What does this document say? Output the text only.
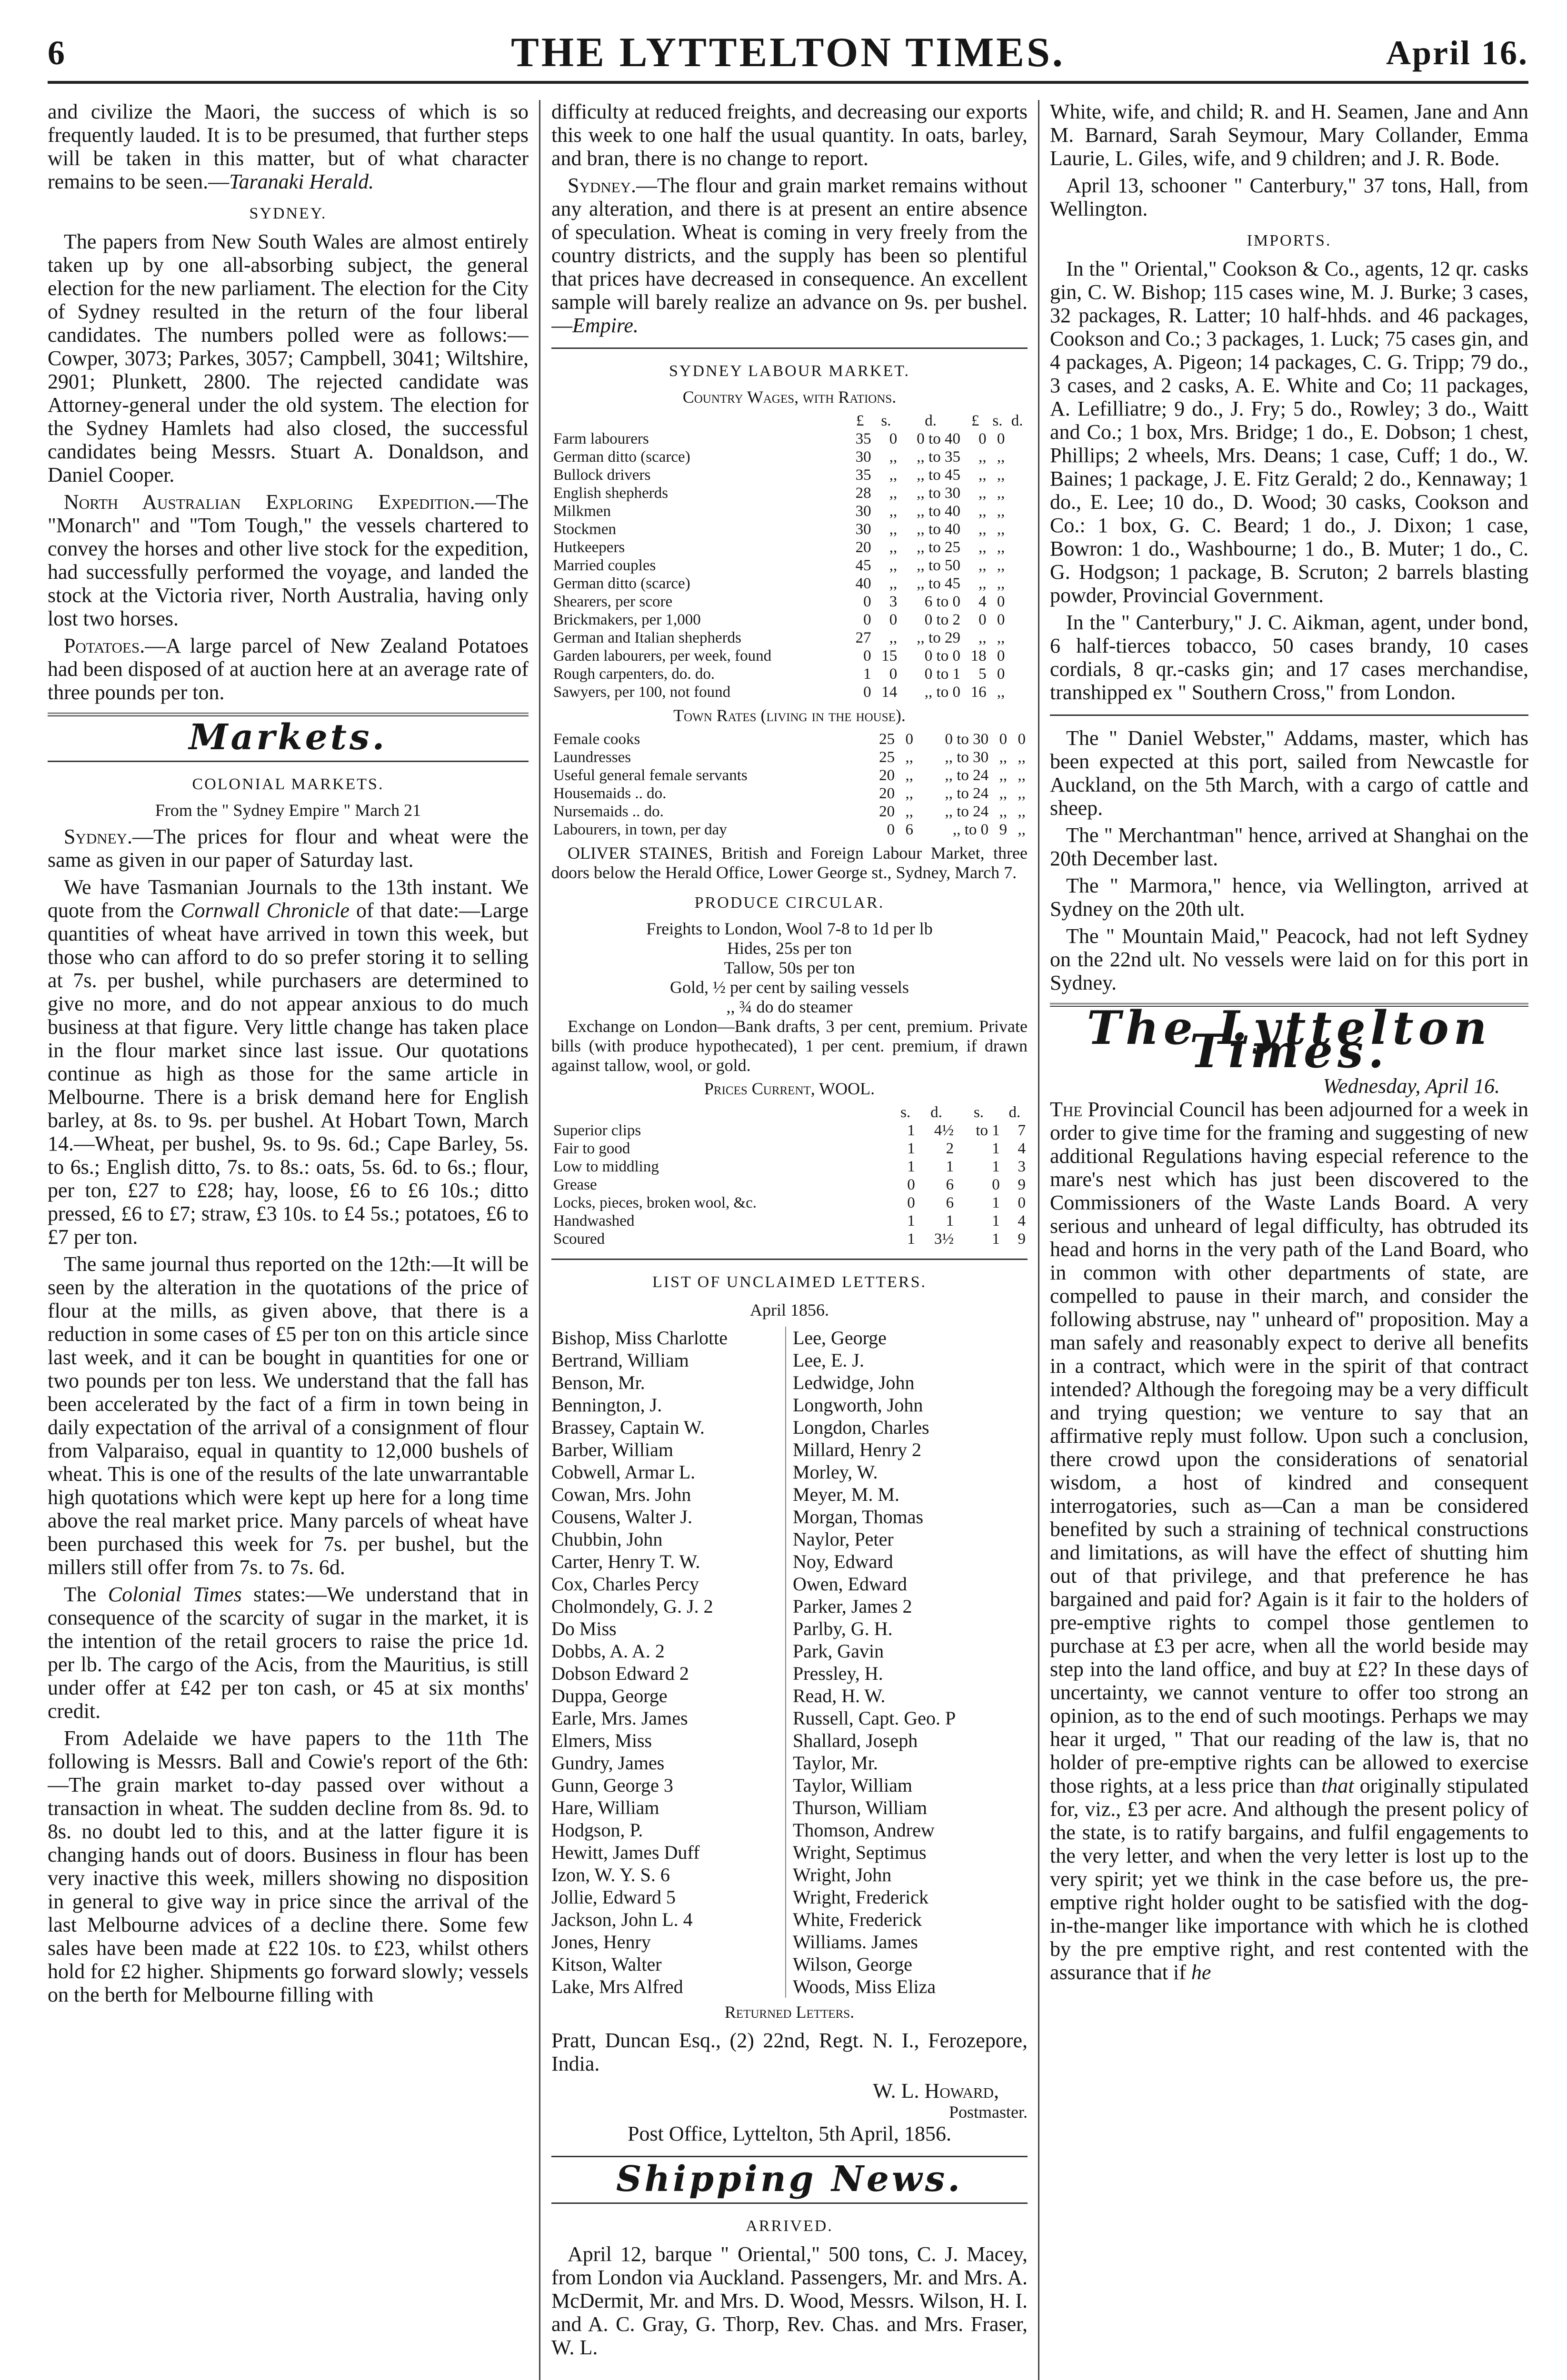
6	THE LYTTELTON TIMES.	April 16.

and civilize the Maori, the success of which is so frequently lauded. It is to be presumed, that further steps will be taken in this matter, but of what character remains to be seen.—Taranaki Herald.

SYDNEY.

The papers from New South Wales are almost entirely taken up by one all-absorbing subject, the general election for the new parliament. The election for the City of Sydney resulted in the return of the four liberal candidates. The numbers polled were as follows:—Cowper, 3073; Parkes, 3057; Campbell, 3041; Wiltshire, 2901; Plunkett, 2800. The rejected candidate was Attorney-general under the old system. The election for the Sydney Hamlets had also closed, the successful candidates being Messrs. Stuart A. Donaldson, and Daniel Cooper.

North Australian Exploring Expedition.—The "Monarch" and "Tom Tough," the vessels chartered to convey the horses and other live stock for the expedition, had successfully performed the voyage, and landed the stock at the Victoria river, North Australia, having only lost two horses.

Potatoes.—A large parcel of New Zealand Potatoes had been disposed of at auction here at an average rate of three pounds per ton.

Markets.
COLONIAL MARKETS.
From the " Sydney Empire " March 21

Sydney.—The prices for flour and wheat were the same as given in our paper of Saturday last.

We have Tasmanian Journals to the 13th instant. We quote from the Cornwall Chronicle of that date:—Large quantities of wheat have arrived in town this week, but those who can afford to do so prefer storing it to selling at 7s. per bushel, while purchasers are determined to give no more, and do not appear anxious to do much business at that figure. Very little change has taken place in the flour market since last issue. Our quotations continue as high as those for the same article in Melbourne. There is a brisk demand here for English barley, at 8s. to 9s. per bushel. At Hobart Town, March 14.—Wheat, per bushel, 9s. to 9s. 6d.; Cape Barley, 5s. to 6s.; English ditto, 7s. to 8s.: oats, 5s. 6d. to 6s.; flour, per ton, £27 to £28; hay, loose, £6 to £6 10s.; ditto pressed, £6 to £7; straw, £3 10s. to £4 5s.; potatoes, £6 to £7 per ton.

The same journal thus reported on the 12th:—It will be seen by the alteration in the quotations of the price of flour at the mills, as given above, that there is a reduction in some cases of £5 per ton on this article since last week, and it can be bought in quantities for one or two pounds per ton less. We understand that the fall has been accelerated by the fact of a firm in town being in daily expectation of the arrival of a consignment of flour from Valparaiso, equal in quantity to 12,000 bushels of wheat. This is one of the results of the late unwarrantable high quotations which were kept up here for a long time above the real market price. Many parcels of wheat have been purchased this week for 7s. per bushel, but the millers still offer from 7s. to 7s. 6d.

The Colonial Times states:—We understand that in consequence of the scarcity of sugar in the market, it is the intention of the retail grocers to raise the price 1d. per lb. The cargo of the Acis, from the Mauritius, is still under offer at £42 per ton cash, or 45 at six months' credit.

From Adelaide we have papers to the 11th The following is Messrs. Ball and Cowie's report of the 6th:—The grain market to-day passed over without a transaction in wheat. The sudden decline from 8s. 9d. to 8s. no doubt led to this, and at the latter figure it is changing hands out of doors. Business in flour has been very inactive this week, millers showing no disposition in general to give way in price since the arrival of the last Melbourne advices of a decline there. Some few sales have been made at £22 10s. to £23, whilst others hold for £2 higher. Shipments go forward slowly; vessels on the berth for Melbourne filling with

difficulty at reduced freights, and decreasing our exports this week to one half the usual quantity. In oats, barley, and bran, there is no change to report.

Sydney.—The flour and grain market remains without any alteration, and there is at present an entire absence of speculation. Wheat is coming in very freely from the country districts, and the supply has been so plentiful that prices have decreased in consequence. An excellent sample will barely realize an advance on 9s. per bushel.—Empire.

SYDNEY LABOUR MARKET.
Country Wages, with Rations.
	£	s.	d.	£	s.	d.
Farm labourers	35	0	0 to 40	0	0	
German ditto (scarce)	30	,,	,, to 35	,,	,,	
Bullock drivers	35	,,	,, to 45	,,	,,	
English shepherds	28	,,	,, to 30	,,	,,	
Milkmen	30	,,	,, to 40	,,	,,	
Stockmen	30	,,	,, to 40	,,	,,	
Hutkeepers	20	,,	,, to 25	,,	,,	
Married couples	45	,,	,, to 50	,,	,,	
German ditto (scarce)	40	,,	,, to 45	,,	,,	
Shearers, per score	0	3	6 to 0	4	0	
Brickmakers, per 1,000	0	0	0 to 2	0	0	
German and Italian shepherds	27	,,	,, to 29	,,	,,	
Garden labourers, per week, found	0	15	0 to 0	18	0	
Rough carpenters, do. do.	1	0	0 to 1	5	0	
Sawyers, per 100, not found	0	14	,, to 0	16	,,	
Town Rates (living in the house).
Female cooks	25	0	0 to 30	0	0
Laundresses	25	,,	,, to 30	,,	,,
Useful general female servants	20	,,	,, to 24	,,	,,
Housemaids .. do.	20	,,	,, to 24	,,	,,
Nursemaids .. do.	20	,,	,, to 24	,,	,,
Labourers, in town, per day	0	6	,, to 0	9	,,

OLIVER STAINES, British and Foreign Labour Market, three doors below the Herald Office, Lower George st., Sydney, March 7.

PRODUCE CIRCULAR.
Freights to London, Wool 7-8 to 1d per lb
Hides, 25s per ton
Tallow, 50s per ton
Gold, ½ per cent by sailing vessels
,, ¾ do do steamer

Exchange on London—Bank drafts, 3 per cent, premium. Private bills (with produce hypothecated), 1 per cent. premium, if drawn against tallow, wool, or gold.

Prices Current, WOOL.
	s.	d.	s.	d.
Superior clips	1	4½	to 1	7
Fair to good	1	2	1	4
Low to middling	1	1	1	3
Grease	0	6	0	9
Locks, pieces, broken wool, &c.	0	6	1	0
Handwashed	1	1	1	4
Scoured	1	3½	1	9
LIST OF UNCLAIMED LETTERS.
April 1856.
Bishop, Miss Charlotte	Lee, George
Bertrand, William	Lee, E. J.
Benson, Mr.	Ledwidge, John
Bennington, J.	Longworth, John
Brassey, Captain W.	Longdon, Charles
Barber, William	Millard, Henry 2
Cobwell, Armar L.	Morley, W.
Cowan, Mrs. John	Meyer, M. M.
Cousens, Walter J.	Morgan, Thomas
Chubbin, John	Naylor, Peter
Carter, Henry T. W.	Noy, Edward
Cox, Charles Percy	Owen, Edward
Cholmondely, G. J. 2	Parker, James 2
Do Miss	Parlby, G. H.
Dobbs, A. A. 2	Park, Gavin
Dobson Edward 2	Pressley, H.
Duppa, George	Read, H. W.
Earle, Mrs. James	Russell, Capt. Geo. P
Elmers, Miss	Shallard, Joseph
Gundry, James	Taylor, Mr.
Gunn, George 3	Taylor, William
Hare, William	Thurson, William
Hodgson, P.	Thomson, Andrew
Hewitt, James Duff	Wright, Septimus
Izon, W. Y. S. 6	Wright, John
Jollie, Edward 5	Wright, Frederick
Jackson, John L. 4	White, Frederick
Jones, Henry	Williams. James
Kitson, Walter	Wilson, George
Lake, Mrs Alfred	Woods, Miss Eliza
Returned Letters.

Pratt, Duncan Esq., (2) 22nd, Regt. N. I., Ferozepore, India.

W. L. Howard,
Postmaster.
Post Office, Lyttelton, 5th April, 1856.
Shipping News.
ARRIVED.

April 12, barque " Oriental," 500 tons, C. J. Macey, from London via Auckland. Passengers, Mr. and Mrs. A. McDermit, Mr. and Mrs. D. Wood, Messrs. Wilson, H. I. and A. C. Gray, G. Thorp, Rev. Chas. and Mrs. Fraser, W. L.

White, wife, and child; R. and H. Seamen, Jane and Ann M. Barnard, Sarah Seymour, Mary Collander, Emma Laurie, L. Giles, wife, and 9 children; and J. R. Bode.

April 13, schooner " Canterbury," 37 tons, Hall, from Wellington.

IMPORTS.

In the " Oriental," Cookson & Co., agents, 12 qr. casks gin, C. W. Bishop; 115 cases wine, M. J. Burke; 3 cases, 32 packages, R. Latter; 10 half-hhds. and 46 packages, Cookson and Co.; 3 packages, 1. Luck; 75 cases gin, and 4 packages, A. Pigeon; 14 packages, C. G. Tripp; 79 do., 3 cases, and 2 casks, A. E. White and Co; 11 packages, A. Lefilliatre; 9 do., J. Fry; 5 do., Rowley; 3 do., Waitt and Co.; 1 box, Mrs. Bridge; 1 do., E. Dobson; 1 chest, Phillips; 2 wheels, Mrs. Deans; 1 case, Cuff; 1 do., W. Baines; 1 package, J. E. Fitz Gerald; 2 do., Kennaway; 1 do., E. Lee; 10 do., D. Wood; 30 casks, Cookson and Co.: 1 box, G. C. Beard; 1 do., J. Dixon; 1 case, Bowron: 1 do., Washbourne; 1 do., B. Muter; 1 do., C. G. Hodgson; 1 package, B. Scruton; 2 barrels blasting powder, Provincial Government.

In the " Canterbury," J. C. Aikman, agent, under bond, 6 half-tierces tobacco, 50 cases brandy, 10 cases cordials, 8 qr.-casks gin; and 17 cases merchandise, transhipped ex " Southern Cross," from London.

The " Daniel Webster," Addams, master, which has been expected at this port, sailed from Newcastle for Auckland, on the 5th March, with a cargo of cattle and sheep.

The " Merchantman" hence, arrived at Shanghai on the 20th December last.

The " Marmora," hence, via Wellington, arrived at Sydney on the 20th ult.

The " Mountain Maid," Peacock, had not left Sydney on the 22nd ult. No vessels were laid on for this port in Sydney.

The Lyttelton Times.
Wednesday, April 16.

The Provincial Council has been adjourned for a week in order to give time for the framing and suggesting of new additional Regulations having especial reference to the mare's nest which has just been discovered to the Commissioners of the Waste Lands Board. A very serious and unheard of legal difficulty, has obtruded its head and horns in the very path of the Land Board, who in common with other departments of state, are compelled to pause in their march, and consider the following abstruse, nay " unheard of" proposition. May a man safely and reasonably expect to derive all benefits in a contract, which were in the spirit of that contract intended? Although the foregoing may be a very difficult and trying question; we venture to say that an affirmative reply must follow. Upon such a conclusion, there crowd upon the considerations of senatorial wisdom, a host of kindred and consequent interrogatories, such as—Can a man be considered benefited by such a straining of technical constructions and limitations, as will have the effect of shutting him out of that privilege, and that preference he has bargained and paid for? Again is it fair to the holders of pre-emptive rights to compel those gentlemen to purchase at £3 per acre, when all the world beside may step into the land office, and buy at £2? In these days of uncertainty, we cannot venture to offer too strong an opinion, as to the end of such mootings. Perhaps we may hear it urged, " That our reading of the law is, that no holder of pre-emptive rights can be allowed to exercise those rights, at a less price than that originally stipulated for, viz., £3 per acre. And although the present policy of the state, is to ratify bargains, and fulfil engagements to the very letter, and when the very letter is lost up to the very spirit; yet we think in the case before us, the pre-emptive right holder ought to be satisfied with the dog-in-the-manger like importance with which he is clothed by the pre emptive right, and rest contented with the assurance that if he
